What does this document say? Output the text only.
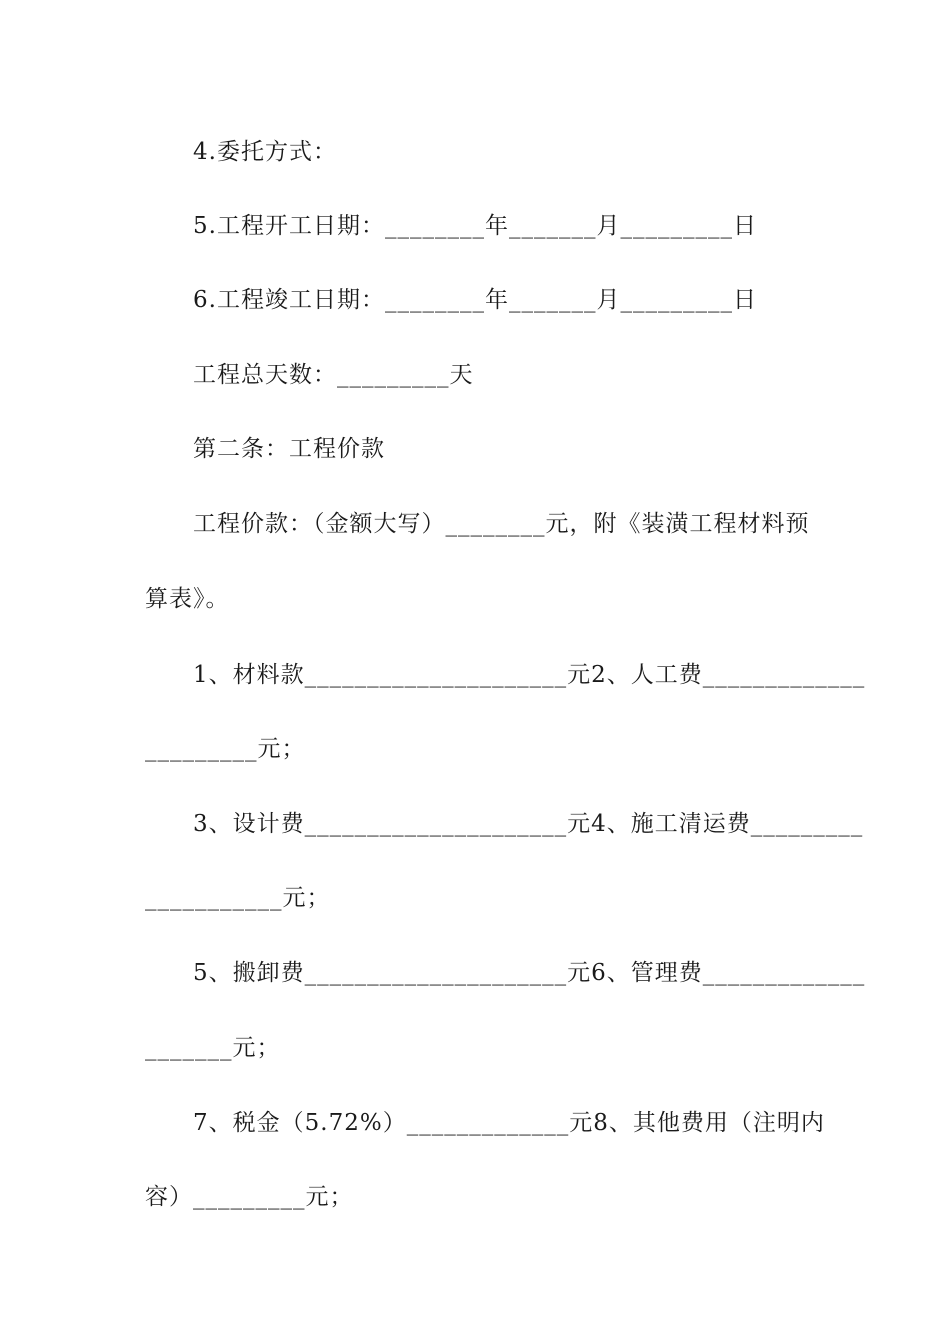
4.委托方式：
5.工程开工日期：________年_______月_________日
6.工程竣工日期：________年_______月_________日
工程总天数：_________天
第二条：工程价款
工程价款：（金额大写）________元，附《装潢工程材料预
算表》。
1、材料款_____________________元2、人工费_____________
_________元；
3、设计费_____________________元4、施工清运费_________
___________元；
5、搬卸费_____________________元6、管理费_____________
_______元；
7、税金（5.72%）_____________元8、其他费用（注明内
容）_________元；
